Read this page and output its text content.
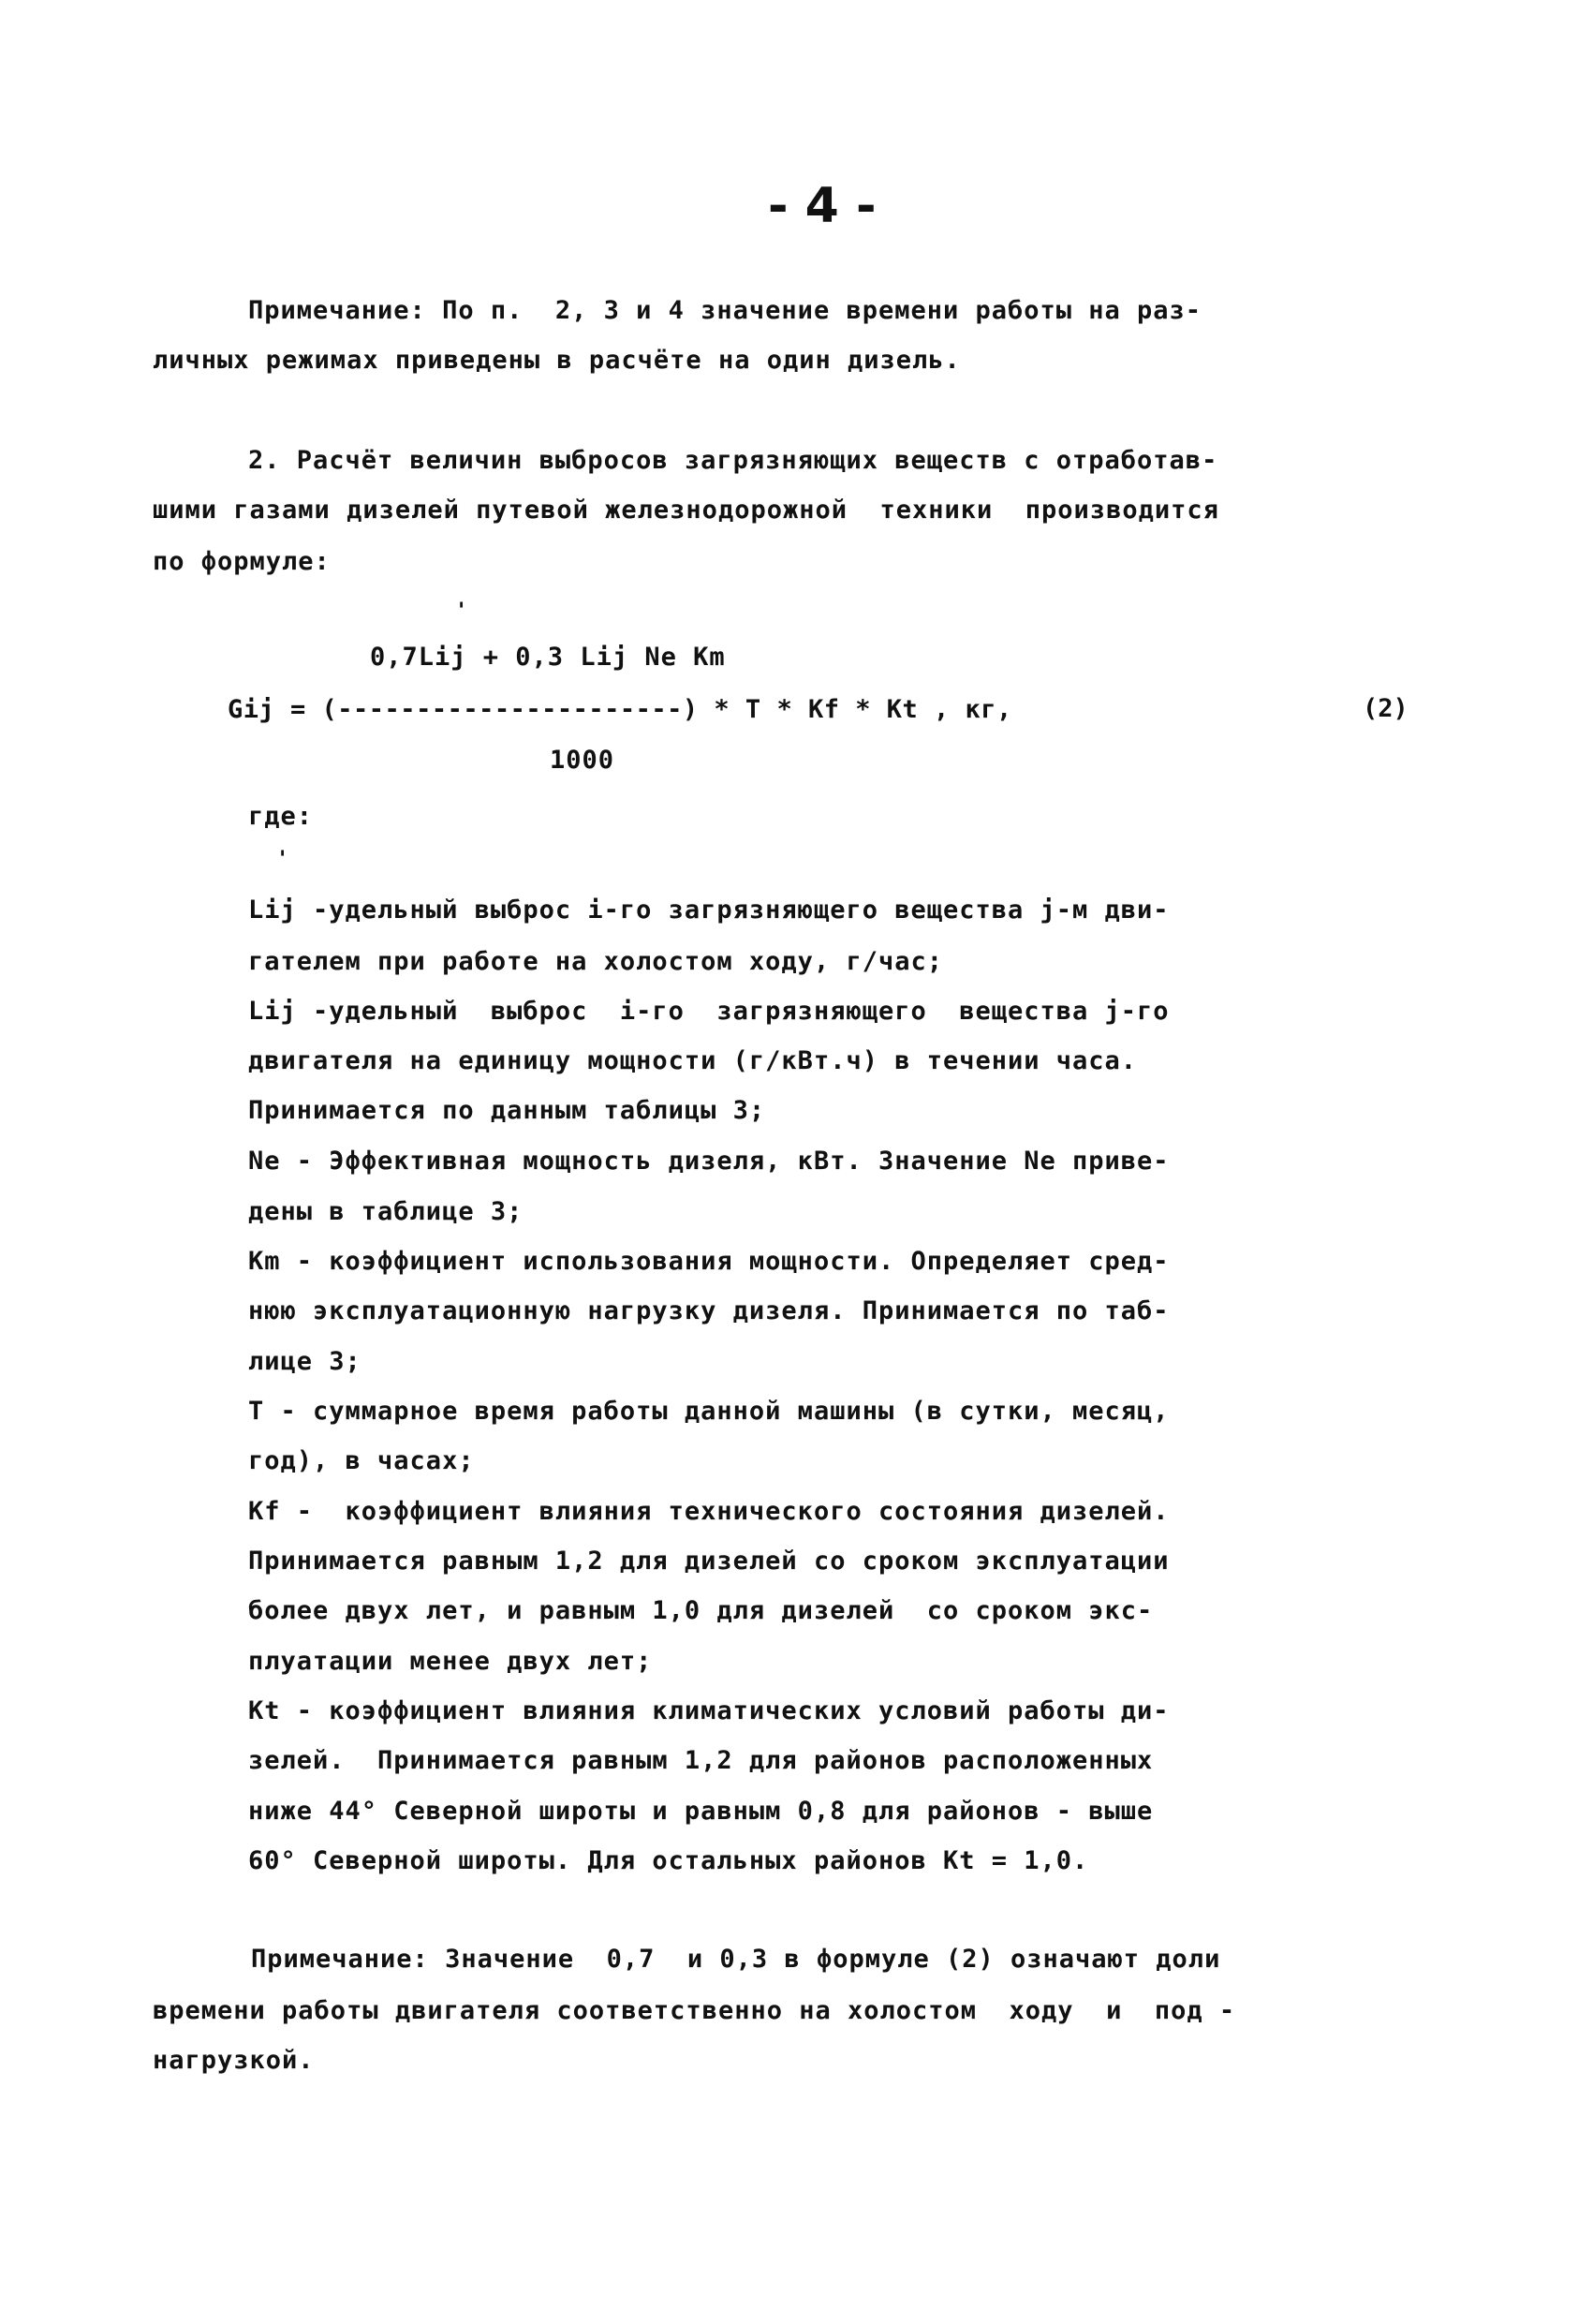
- 4 -
Примечание: По п.  2, 3 и 4 значение времени работы на раз-
личных режимах приведены в расчёте на один дизель.
2. Расчёт величин выбросов загрязняющих веществ с отработав-
шими газами дизелей путевой железнодорожной  техники  производится
по формуле:
'
0,7Lij + 0,3 Lij Ne Km
Gij = (----------------------) * T * Kf * Kt , кг,	(2)
1000
где:
'
Lij -удельный выброс i-го загрязняющего вещества j-м дви-
гателем при работе на холостом ходу, г/час;
Lij -удельный  выброс  i-го  загрязняющего  вещества j-го
двигателя на единицу мощности (г/кВт.ч) в течении часа.
Принимается по данным таблицы 3;
Ne - Эффективная мощность дизеля, кВт. Значение Ne приве-
дены в таблице 3;
Km - коэффициент использования мощности. Определяет сред-
нюю эксплуатационную нагрузку дизеля. Принимается по таб-
лице 3;
T - суммарное время работы данной машины (в сутки, месяц,
год), в часах;
Kf -  коэффициент влияния технического состояния дизелей.
Принимается равным 1,2 для дизелей со сроком эксплуатации
более двух лет, и равным 1,0 для дизелей  со сроком экс-
плуатации менее двух лет;
Kt - коэффициент влияния климатических условий работы ди-
зелей.  Принимается равным 1,2 для районов расположенных
ниже 44° Северной широты и равным 0,8 для районов - выше
60° Северной широты. Для остальных районов Kt = 1,0.
Примечание: Значение  0,7  и 0,3 в формуле (2) означают доли
времени работы двигателя соответственно на холостом  ходу  и  под -
нагрузкой.
